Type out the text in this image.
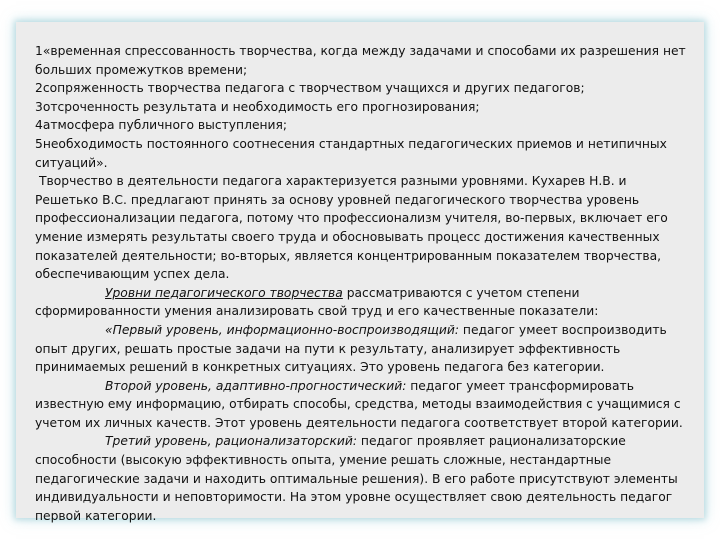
1«временная спрессованность творчества, когда между задачами и способами их разрешения нет больших промежутков времени;

2сопряженность творчества педагога с творчеством учащихся и других педагогов;

3отсроченность результата и необходимость его прогнозирования;

4атмосфера публичного выступления;

5необходимость постоянного соотнесения стандартных педагогических приемов и нетипичных ситуаций».

Творчество в деятельности педагога характеризуется разными уровнями. Кухарев Н.В. и Решетько В.С. предлагают принять за основу уровней педагогического творчества уровень профессионализации педагога, потому что профессионализм учителя, во-первых, включает его умение измерять результаты своего труда и обосновывать процесс достижения качественных показателей деятельности; во-вторых, является концентрированным показателем творчества, обеспечивающим успех дела.

Уровни педагогического творчества рассматриваются с учетом степени сформированности умения анализировать свой труд и его качественные показатели:

«Первый уровень, информационно-воспроизводящий: педагог умеет воспроизводить опыт других, решать простые задачи на пути к результату, анализирует эффективность принимаемых решений в конкретных ситуациях. Это уровень педагога без категории.

Второй уровень, адаптивно-прогностический: педагог умеет трансформировать известную ему информацию, отбирать способы, средства, методы взаимодействия с учащимися с учетом их личных качеств. Этот уровень деятельности педагога соответствует второй категории.

Третий уровень, рационализаторский: педагог проявляет рационализаторские способности (высокую эффективность опыта, умение решать сложные, нестандартные педагогические задачи и находить оптимальные решения). В его работе присутствуют элементы индивидуальности и неповторимости. На этом уровне осуществляет свою деятельность педагог первой категории.
